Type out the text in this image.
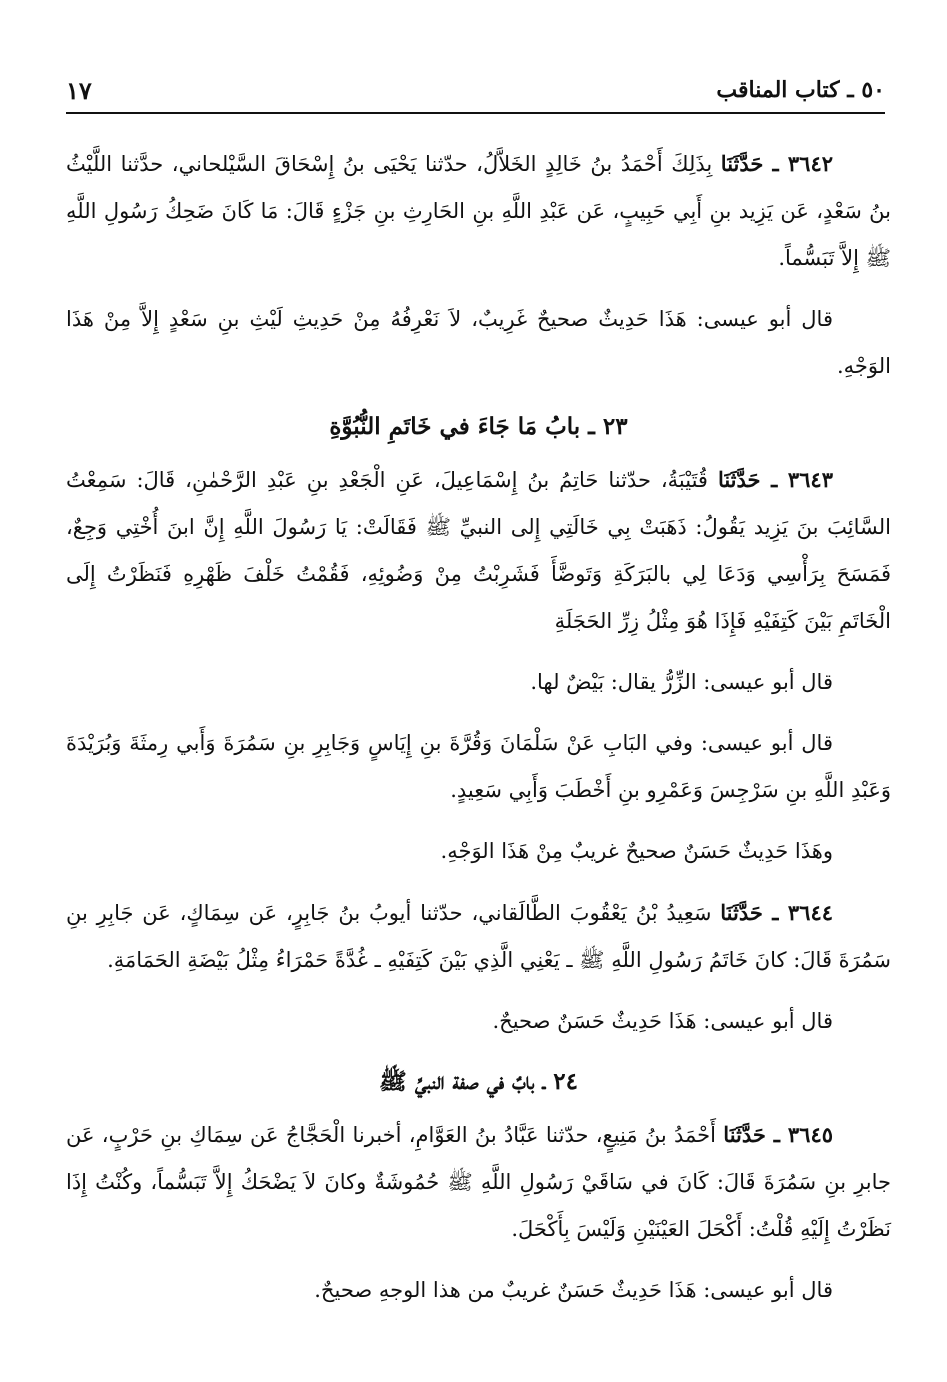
٥٠ ـ كتاب المناقب
١٧

٣٦٤٢ ـ حَدَّثَنَا بِذَلِكَ أَحْمَدُ بنُ خَالِدٍ الخَلاَّلُ، حدّثنا يَحْيَى بنُ إِسْحَاقَ السَّيْلحاني، حدَّثنا اللَّيْثُ بنُ سَعْدٍ، عَن يَزِيد بنِ أَبِي حَبِيبٍ، عَن عَبْدِ اللَّهِ بنِ الحَارِثِ بنِ جَزْءٍ قَالَ: مَا كَانَ ضَحِكُ رَسُولِ اللَّهِ ﷺ إِلاَّ تَبَسُّماً.

قال أبو عيسى: هَذَا حَدِيثٌ صحيحٌ غَرِيبٌ، لاَ نَعْرِفُهُ مِنْ حَدِيثِ لَيْثِ بنِ سَعْدٍ إِلاَّ مِنْ هَذَا الوَجْهِ.

٢٣ ـ بابُ مَا جَاءَ في خَاتَمِ النُّبُوَّةِ

٣٦٤٣ ـ حَدَّثَنَا قُتَيْبَةُ، حدّثنا حَاتِمُ بنُ إِسْمَاعِيلَ، عَنِ الْجَعْدِ بنِ عَبْدِ الرَّحْمٰنِ، قَالَ: سَمِعْتُ السَّائِبَ بنَ يَزِيد يَقُولُ: ذَهَبَتْ بِي خَالَتِي إِلى النبيِّ ﷺ فَقَالَتْ: يَا رَسُولَ اللَّهِ إِنَّ ابنَ أُخْتِي وَجِعٌ، فَمَسَحَ بِرَأْسِي وَدَعَا لِي بالبَرَكَةِ وَتَوضَّأَ فَشَرِبْتُ مِنْ وَضُوئِهِ، فَقُمْتُ خَلْفَ ظَهْرِهِ فَنَظَرْتُ إِلَى الْخَاتَمِ بَيْنَ كَتِفَيْهِ فَإِذَا هُوَ مِثْلُ زِرِّ الحَجَلَةِ

قال أبو عيسى: الزِّرُّ يقال: بَيْضٌ لها.

قال أبو عيسى: وفي البَابِ عَنْ سَلْمَانَ وَقُرَّةَ بنِ إِيَاسٍ وَجَابِرِ بنِ سَمُرَةَ وَأَبي رِمثَةَ وَبُرَيْدَةَ وَعَبْدِ اللَّهِ بنِ سَرْجِسَ وَعَمْرِو بنِ أَخْطَبَ وَأَبِي سَعِيدٍ.

وهَذَا حَدِيثٌ حَسَنٌ صحيحٌ غريبٌ مِنْ هَذَا الوَجْهِ.

٣٦٤٤ ـ حَدَّثَنَا سَعِيدُ بْنُ يَعْقُوبَ الطَّالَقاني، حدّثنا أيوبُ بنُ جَابِرٍ، عَن سِمَاكٍ، عَن جَابِرِ بنِ سَمُرَةَ قَالَ: كانَ خَاتَمُ رَسُولِ اللَّهِ ﷺ ـ يَعْنِي الَّذِي بَيْنَ كَتِفَيْهِ ـ غُدَّةً حَمْرَاءُ مِثْلُ بَيْضَةِ الحَمَامَةِ.

قال أبو عيسى: هَذَا حَدِيثٌ حَسَنٌ صحيحٌ.

٢٤ ـ بابٌ في صفة النبيِّ ﷺ

٣٦٤٥ ـ حَدَّثَنَا أَحْمَدُ بنُ مَنِيعٍ، حدّثنا عَبَّادُ بنُ العَوَّامِ، أخبرنا الْحَجَّاجُ عَن سِمَاكِ بنِ حَرْبٍ، عَن جابرِ بنِ سَمُرَةَ قَالَ: كَانَ في سَاقَيْ رَسُولِ اللَّهِ ﷺ حُمُوشَةٌ وكانَ لاَ يَضْحَكُ إِلاَّ تَبَسُّماً، وكُنْتُ إِذَا نَظَرْتُ إِلَيْهِ قُلْتُ: أَكْحَلَ العَيْنَيْنِ وَلَيْسَ بِأَكْحَلَ.

قال أبو عيسى: هَذَا حَدِيثٌ حَسَنٌ غريبٌ من هذا الوجهِ صحيحٌ.
